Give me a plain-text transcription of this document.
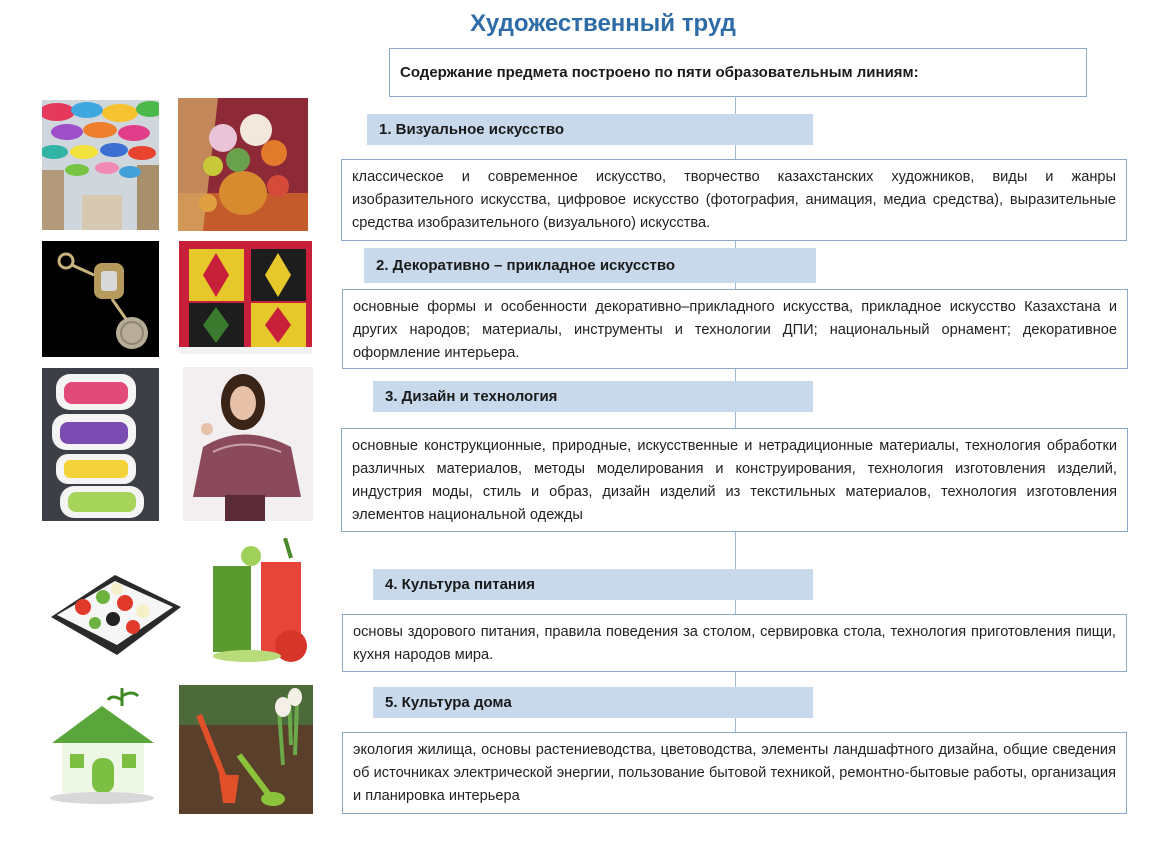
Художественный труд
Содержание предмета построено по пяти образовательным линиям:
1. Визуальное искусство
классическое и современное искусство, творчество казахстанских художников, виды и жанры изобразительного искусства, цифровое искусство (фотография, анимация, медиа средства), выразительные средства изобразительного (визуального) искусства.
2. Декоративно – прикладное искусство
основные формы и особенности декоративно–прикладного искусства, прикладное искусство Казахстана и других народов; материалы, инструменты и технологии ДПИ; национальный орнамент; декоративное оформление интерьера.
3. Дизайн и технология
основные конструкционные, природные, искусственные и нетрадиционные материалы, технология обработки различных материалов, методы моделирования и конструирования, технология изготовления изделий, индустрия моды, стиль и образ, дизайн изделий из текстильных материалов, технология изготовления элементов национальной одежды
4. Культура питания
основы здорового питания, правила поведения за столом, сервировка стола, технология приготовления пищи, кухня народов мира.
5. Культура дома
экология жилища, основы растениеводства, цветоводства, элементы ландшафтного дизайна, общие сведения об источниках электрической энергии, пользование бытовой техникой, ремонтно-бытовые работы, организация и планировка интерьера
